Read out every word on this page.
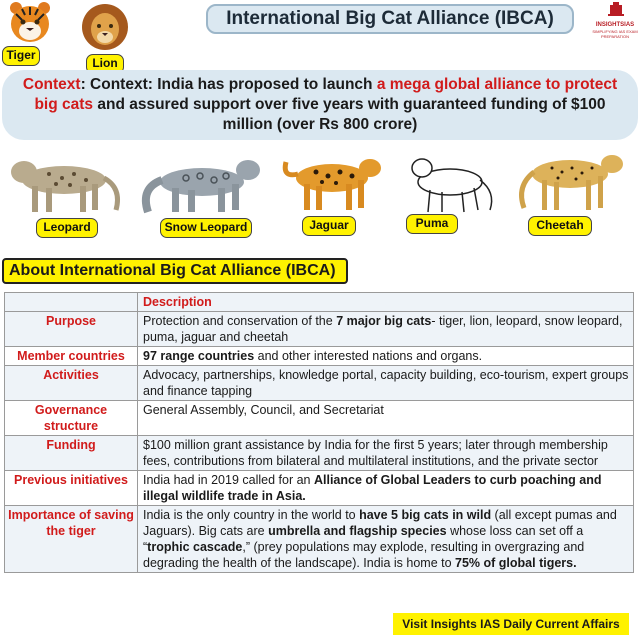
International Big Cat Alliance (IBCA)	INSIGHTSIAS
SIMPLIFYING IAS EXAM PREPARATION
Tiger
Lion
Context: Context: India has proposed to launch a mega global alliance to protect big cats and assured support over five years with guaranteed funding of $100 million (over Rs 800 crore)
Leopard	Snow Leopard	Jaguar	Puma	Cheetah
About International Big Cat Alliance (IBCA)
	Description
Purpose	Protection and conservation of the 7 major big cats- tiger, lion, leopard, snow leopard, puma, jaguar and cheetah
Member countries	97 range countries and other interested nations and organs.
Activities	Advocacy, partnerships, knowledge portal, capacity building, eco-tourism, expert groups and finance tapping
Governance structure	General Assembly, Council, and Secretariat
Funding	$100 million grant assistance by India for the first 5 years; later through membership fees, contributions from bilateral and multilateral institutions, and the private sector
Previous initiatives	India had in 2019 called for an Alliance of Global Leaders to curb poaching and illegal wildlife trade in Asia.
Importance of saving the tiger	India is the only country in the world to have 5 big cats in wild (all except pumas and Jaguars). Big cats are umbrella and flagship species whose loss can set off a “trophic cascade,” (prey populations may explode, resulting in overgrazing and degrading the health of the landscape). India is home to 75% of global tigers.
Visit Insights IAS Daily Current Affairs
